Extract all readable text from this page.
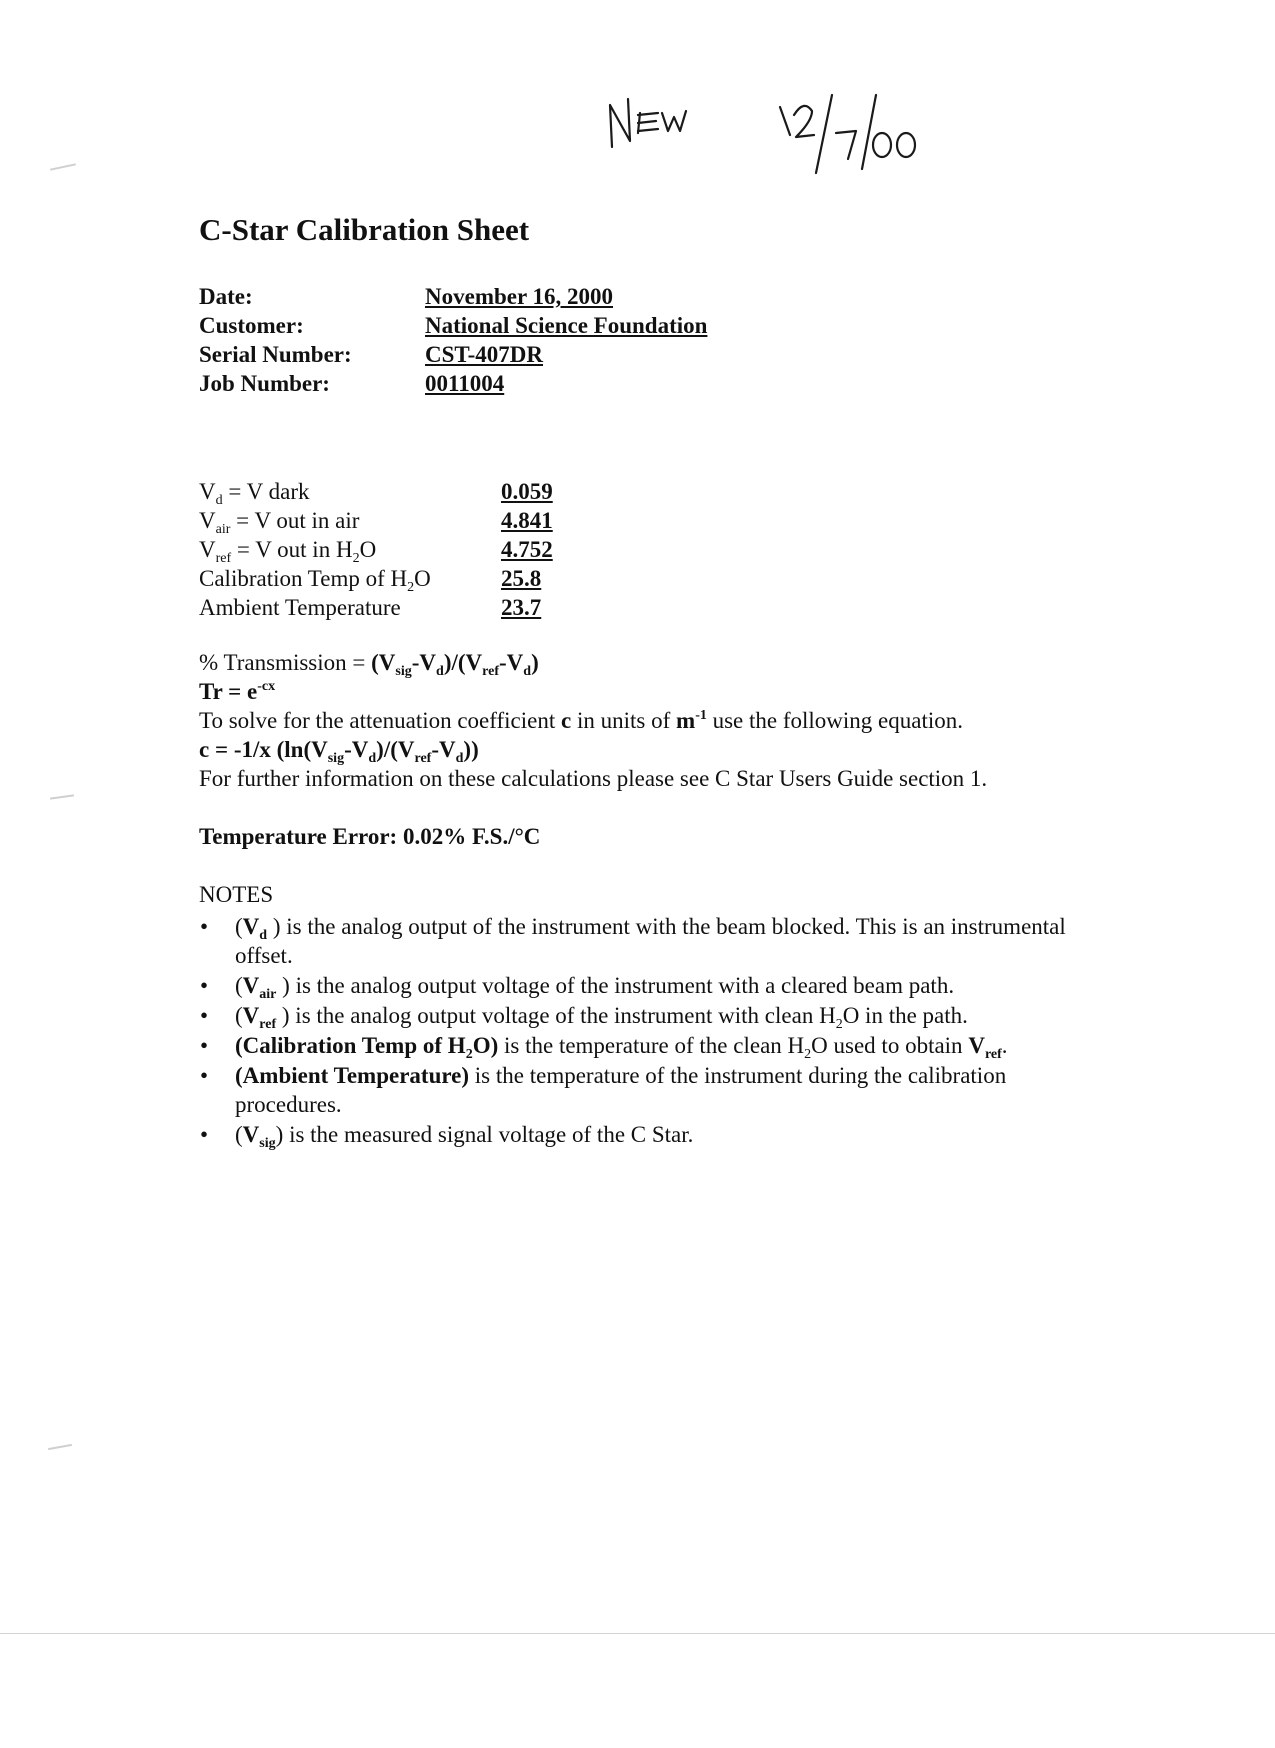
C-Star Calibration Sheet
Date:	November 16, 2000
Customer:	National Science Foundation
Serial Number:	CST-407DR
Job Number:	0011004
$V_d = V$ dark	0.059
$V_{air} = V$ out in air	4.841
$V_{ref} = V$ out in $H_2O$	4.752
Calibration Temp of $H_2O$	25.8
Ambient Temperature	23.7
% Transmission = $(V_{sig}-V_d)/(V_{ref}-V_d)$
$Tr = e^{-cx}$
To solve for the attenuation coefficient c in units of $m^{-1}$ use the following equation.
c = -1/x $(\ln(V_{sig}-V_d)/(V_{ref}-V_d))$
For further information on these calculations please see C Star Users Guide section 1.
Temperature Error: 0.02% F.S./°C
NOTES
• ($V_d$ ) is the analog output of the instrument with the beam blocked. This is an instrumental offset.
• ($V_{air}$ ) is the analog output voltage of the instrument with a cleared beam path.
• ($V_{ref}$ ) is the analog output voltage of the instrument with clean $H_2O$ in the path.
• (Calibration Temp of $H_2O$) is the temperature of the clean $H_2O$ used to obtain $V_{ref}$.
• (Ambient Temperature) is the temperature of the instrument during the calibration procedures.
• $(V_{sig})$ is the measured signal voltage of the C Star.
